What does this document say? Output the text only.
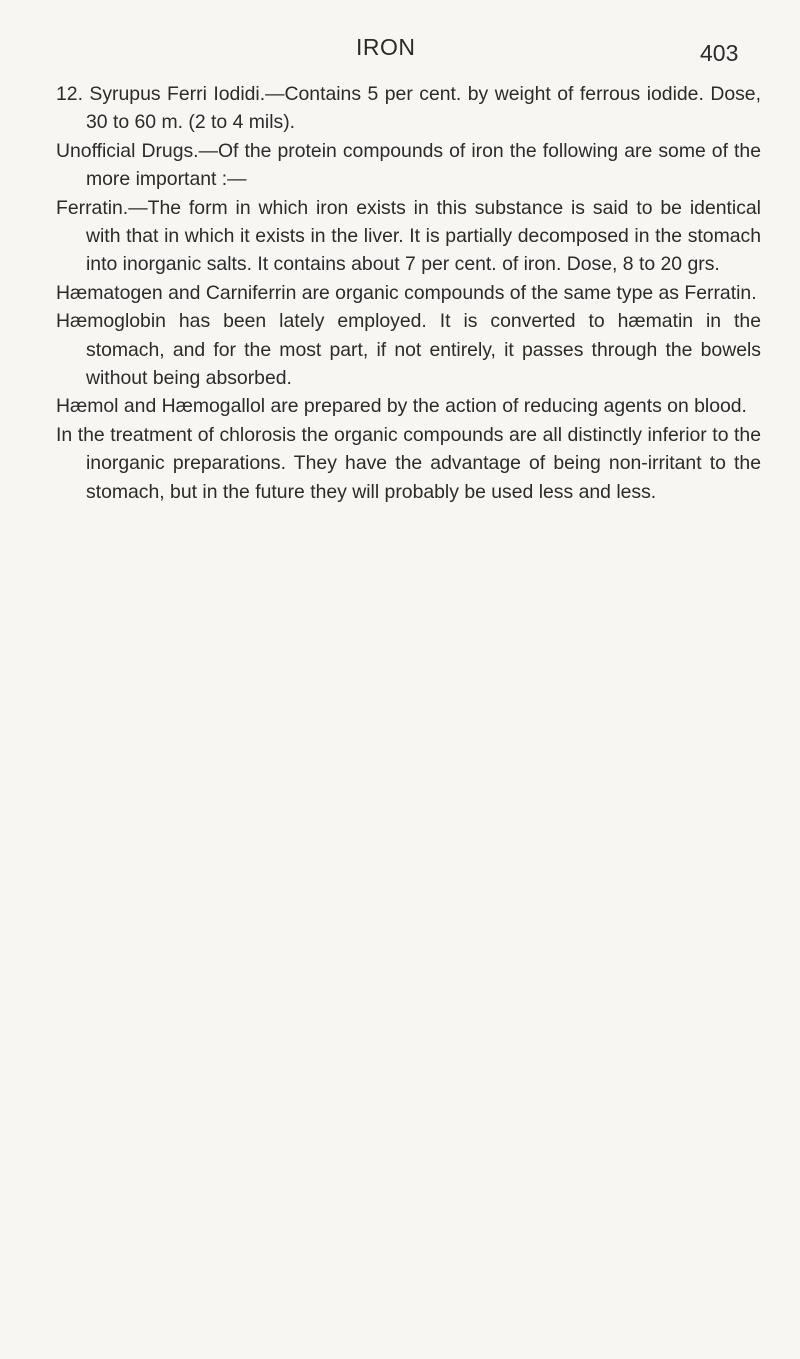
IRON	403

12. Syrupus Ferri Iodidi.—Contains 5 per cent. by weight of ferrous iodide. Dose, 30 to 60 m. (2 to 4 mils).

Unofficial Drugs.—Of the protein compounds of iron the following are some of the more important :—

Ferratin.—The form in which iron exists in this substance is said to be identical with that in which it exists in the liver. It is partially decomposed in the stomach into inorganic salts. It contains about 7 per cent. of iron. Dose, 8 to 20 grs.

Hæmatogen and Carniferrin are organic compounds of the same type as Ferratin.

Hæmoglobin has been lately employed. It is converted to hæmatin in the stomach, and for the most part, if not entirely, it passes through the bowels without being absorbed.

Hæmol and Hæmogallol are prepared by the action of reducing agents on blood.

In the treatment of chlorosis the organic compounds are all distinctly inferior to the inorganic preparations. They have the advantage of being non-irritant to the stomach, but in the future they will probably be used less and less.
